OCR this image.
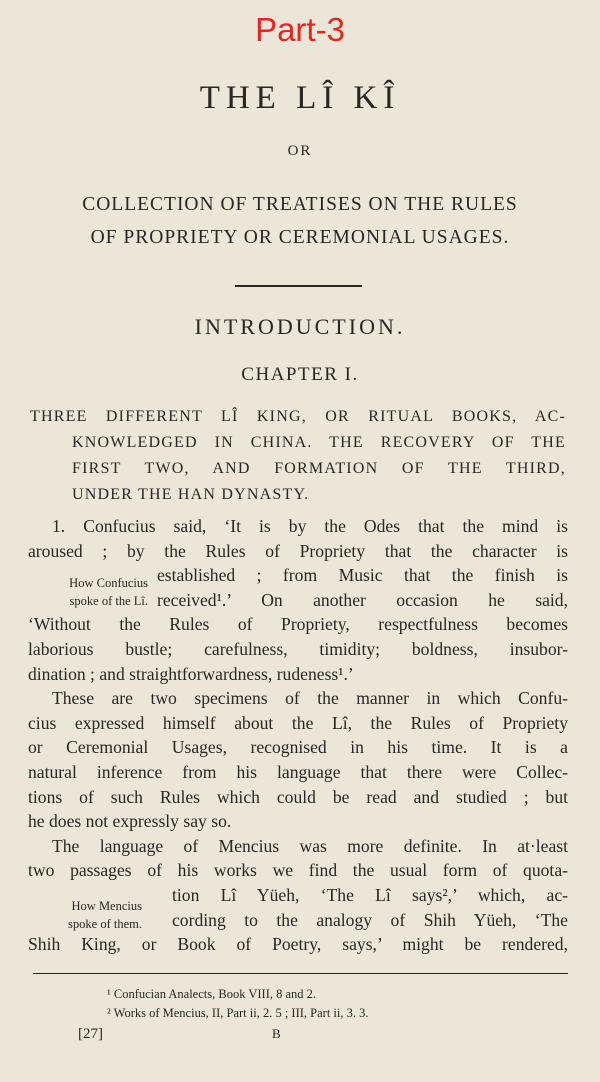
Part-3
THE LÎ KÎ
OR
COLLECTION OF TREATISES ON THE RULES
OF PROPRIETY OR CEREMONIAL USAGES.
INTRODUCTION.
CHAPTER I.
THREE DIFFERENT LÎ KING, OR RITUAL BOOKS, AC-
KNOWLEDGED IN CHINA. THE RECOVERY OF THE
FIRST TWO, AND FORMATION OF THE THIRD,
UNDER THE HAN DYNASTY.
How Confucius
spoke of the Lî.
How Mencius
spoke of them.
1. Confucius said, ‘It is by the Odes that the mind is
aroused ; by the Rules of Propriety that the character is
established ; from Music that the finish is
received¹.’ On another occasion he said,
‘Without the Rules of Propriety, respectfulness becomes
laborious bustle; carefulness, timidity; boldness, insubor-
dination ; and straightforwardness, rudeness¹.’
These are two specimens of the manner in which Confu-
cius expressed himself about the Lî, the Rules of Propriety
or Ceremonial Usages, recognised in his time. It is a
natural inference from his language that there were Collec-
tions of such Rules which could be read and studied ; but
he does not expressly say so.
The language of Mencius was more definite. In at·least
two passages of his works we find the usual form of quota-
tion Lî Yüeh, ‘The Lî says²,’ which, ac-
cording to the analogy of Shih Yüeh, ‘The
Shih King, or Book of Poetry, says,’ might be rendered,
¹ Confucian Analects, Book VIII, 8 and 2.
² Works of Mencius, II, Part ii, 2. 5 ; III, Part ii, 3. 3.
[27]	B
